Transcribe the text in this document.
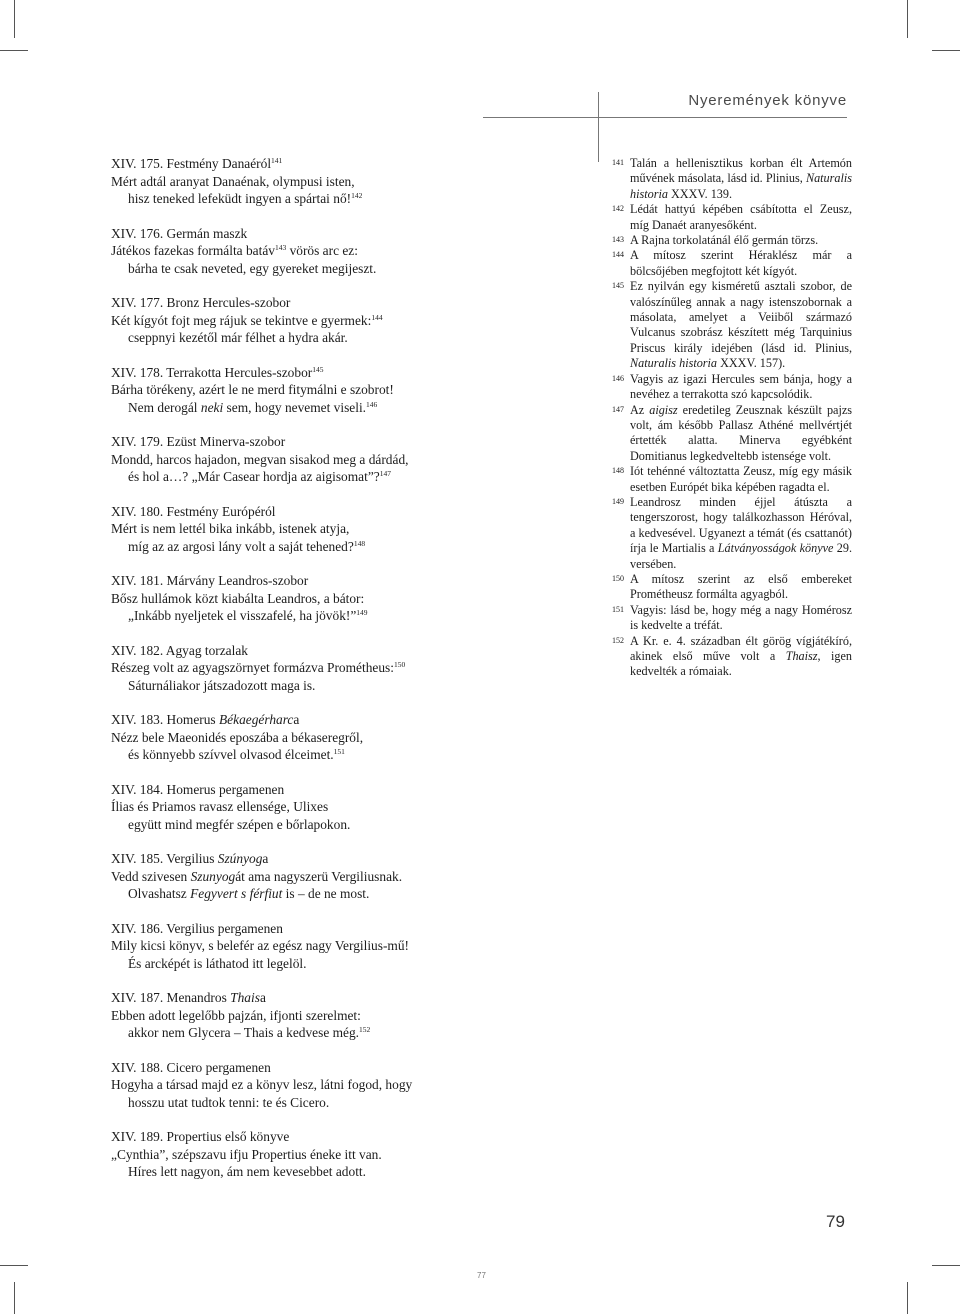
Nyeremények könyve
XIV. 175. Festmény Danaéról$^{141}$
Mért adtál aranyat Danaénak, olympusi isten,
hisz teneked lefeküdt ingyen a spártai nő!$^{142}$
XIV. 176. Germán maszk
Játékos fazekas formálta batáv$^{143}$ vörös arc ez:
bárha te csak neveted, egy gyereket megijeszt.
XIV. 177. Bronz Hercules-szobor
Két kígyót fojt meg rájuk se tekintve e gyermek:$^{144}$
cseppnyi kezétől már félhet a hydra akár.
XIV. 178. Terrakotta Hercules-szobor$^{145}$
Bárha törékeny, azért le ne merd fitymálni e szobrot!
Nem derogál neki sem, hogy nevemet viseli.$^{146}$
XIV. 179. Ezüst Minerva-szobor
Mondd, harcos hajadon, megvan sisakod meg a dárdád,
és hol a…? „Már Casear hordja az aigisomat”?$^{147}$
XIV. 180. Festmény Európéról
Mért is nem lettél bika inkább, istenek atyja,
míg az az argosi lány volt a saját tehened?$^{148}$
XIV. 181. Márvány Leandros-szobor
Bősz hullámok közt kiabálta Leandros, a bátor:
„Inkább nyeljetek el visszafelé, ha jövök!”$^{149}$
XIV. 182. Agyag torzalak
Részeg volt az agyagszörnyet formázva Prométheus:$^{150}$
Sáturnáliakor játszadozott maga is.
XIV. 183. Homerus Békaegérharca
Nézz bele Maeonidés eposzába a békaseregről,
és könnyebb szívvel olvasod élceimet.$^{151}$
XIV. 184. Homerus pergamenen
Ílias és Priamos ravasz ellensége, Ulixes
együtt mind megfér szépen e bőrlapokon.
XIV. 185. Vergilius Szúnyoga
Vedd szivesen Szunyogát ama nagyszerü Vergiliusnak.
Olvashatsz Fegyvert s férfiut is – de ne most.
XIV. 186. Vergilius pergamenen
Mily kicsi könyv, s belefér az egész nagy Vergilius-mű!
És arcképét is láthatod itt legelöl.
XIV. 187. Menandros Thaisa
Ebben adott legelőbb pajzán, ifjonti szerelmet:
akkor nem Glycera – Thais a kedvese még.$^{152}$
XIV. 188. Cicero pergamenen
Hogyha a társad majd ez a könyv lesz, látni fogod, hogy
hosszu utat tudtok tenni: te és Cicero.
XIV. 189. Propertius első könyve
„Cynthia”, szépszavu ifju Propertius éneke itt van.
Híres lett nagyon, ám nem kevesebbet adott.
141 Talán a hellenisztikus korban élt Artemón művének másolata, lásd id. Plinius, Naturalis historia XXXV. 139.
142 Lédát hattyú képében csábította el Zeusz, míg Danaét aranyesőként.
143 A Rajna torkolatánál élő germán törzs.
144 A mítosz szerint Héraklész már a bölcsőjében megfojtott két kígyót.
145 Ez nyilván egy kisméretű asztali szobor, de valószínűleg annak a nagy istenszobornak a másolata, amelyet a Veiiből származó Vulcanus szobrász készített még Tarquinius Priscus király idejében (lásd id. Plinius, Naturalis historia XXXV. 157).
146 Vagyis az igazi Hercules sem bánja, hogy a nevéhez a terrakotta szó kapcsolódik.
147 Az aigisz eredetileg Zeusznak készült pajzs volt, ám később Pallasz Athéné mellvértjét értették alatta. Minerva egyébként Domitianus legkedveltebb istensége volt.
148 Iót tehénné változtatta Zeusz, míg egy másik esetben Európét bika képében ragadta el.
149 Leandrosz minden éjjel átúszta a tengerszorost, hogy találkozhasson Héróval, a kedvesével. Ugyanezt a témát (és csattanót) írja le Martialis a Látványosságok könyve 29. versében.
150 A mítosz szerint az első embereket Prométheusz formálta agyagból.
151 Vagyis: lásd be, hogy még a nagy Homérosz is kedvelte a tréfát.
152 A Kr. e. 4. században élt görög vígjátékíró, akinek első műve volt a Thaisz, igen kedvelték a rómaiak.
79
77
